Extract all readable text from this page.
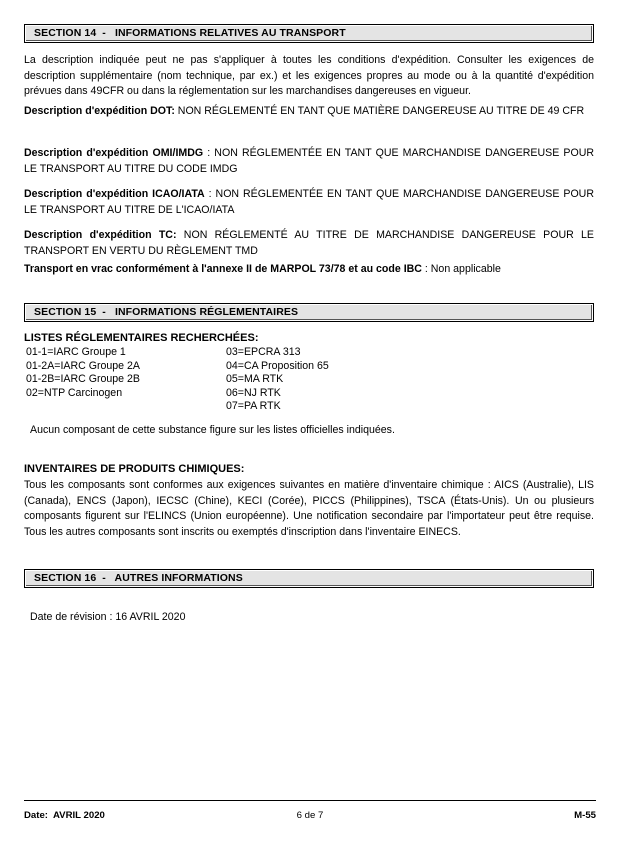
SECTION 14  -   INFORMATIONS RELATIVES AU TRANSPORT
La description indiquée peut ne pas s'appliquer à toutes les conditions d'expédition. Consulter les exigences de description supplémentaire (nom technique, par ex.) et les exigences propres au mode ou à la quantité d'expédition prévues dans 49CFR ou dans la réglementation sur les marchandises dangereuses en vigueur.
Description d'expédition DOT: NON RÉGLEMENTÉ EN TANT QUE MATIÈRE DANGEREUSE AU TITRE DE 49 CFR
Description d'expédition OMI/IMDG : NON RÉGLEMENTÉE EN TANT QUE MARCHANDISE DANGEREUSE POUR LE TRANSPORT AU TITRE DU CODE IMDG
Description d'expédition ICAO/IATA : NON RÉGLEMENTÉE EN TANT QUE MARCHANDISE DANGEREUSE POUR LE TRANSPORT AU TITRE DE L'ICAO/IATA
Description d'expédition TC: NON RÉGLEMENTÉ AU TITRE DE MARCHANDISE DANGEREUSE POUR LE TRANSPORT EN VERTU DU RÈGLEMENT TMD
Transport en vrac conformément à l'annexe II de MARPOL 73/78 et au code IBC : Non applicable
SECTION 15  -   INFORMATIONS RÉGLEMENTAIRES
LISTES RÉGLEMENTAIRES RECHERCHÉES:
01-1=IARC Groupe 1
01-2A=IARC Groupe 2A
01-2B=IARC Groupe 2B
02=NTP Carcinogen
03=EPCRA 313
04=CA Proposition 65
05=MA RTK
06=NJ RTK
07=PA RTK
Aucun composant de cette substance figure sur les listes officielles indiquées.
INVENTAIRES DE PRODUITS CHIMIQUES:
Tous les composants sont conformes aux exigences suivantes en matière d'inventaire chimique : AICS (Australie), LIS (Canada), ENCS (Japon), IECSC (Chine), KECI (Corée), PICCS (Philippines), TSCA (États-Unis). Un ou plusieurs composants figurent sur l'ELINCS (Union européenne). Une notification secondaire par l'importateur peut être requise. Tous les autres composants sont inscrits ou exemptés d'inscription dans l'inventaire EINECS.
SECTION 16  -   AUTRES INFORMATIONS
Date de révision : 16 AVRIL 2020
6 de 7
Date:  AVRIL 2020	M-55
